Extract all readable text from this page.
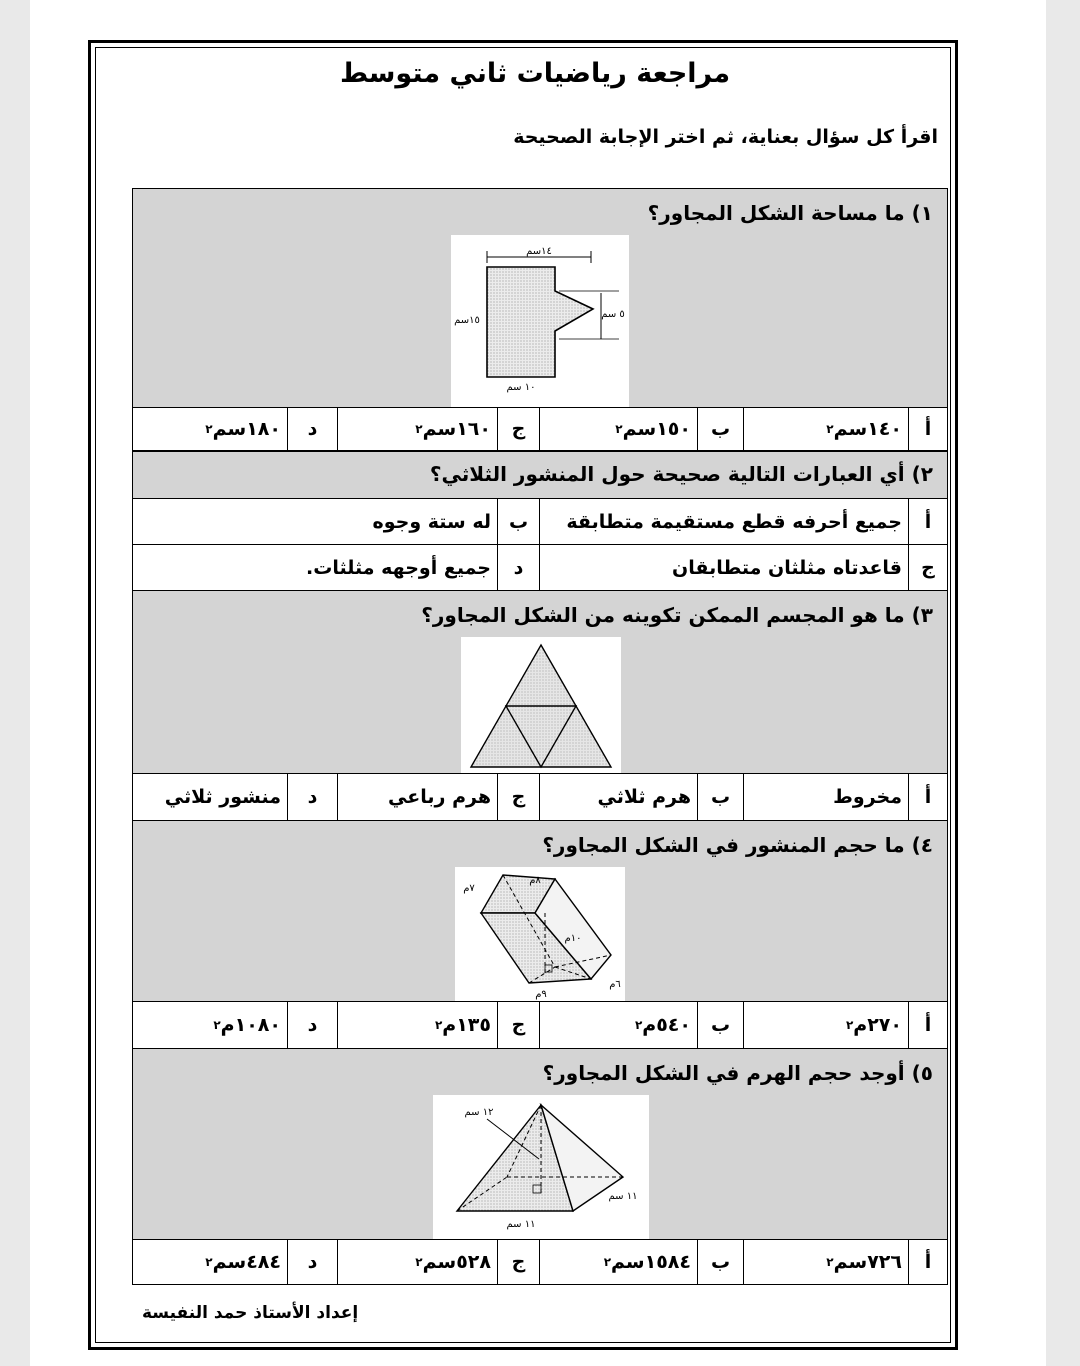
مراجعة رياضيات ثاني متوسط
اقرأ كل سؤال بعناية، ثم اختر الإجابة الصحيحة
١) ما مساحة الشكل المجاور؟
١٤سم
١٥سم
٥ سم
١٠ سم
أ
١٤٠سم
٢
ب
١٥٠سم
٢
ج
١٦٠سم
٢
د
١٨٠سم
٢
٢) أي العبارات التالية صحيحة حول المنشور الثلاثي؟
أ
جميع أحرفه قطع مستقيمة متطابقة
ب
له ستة وجوه
ج
قاعدتاه مثلثان متطابقان
د
جميع أوجهه مثلثات.
٣) ما هو المجسم الممكن تكوينه من الشكل المجاور؟
أ
مخروط
ب
هرم ثلاثي
ج
هرم رباعي
د
منشور ثلاثي
٤) ما حجم المنشور في الشكل المجاور؟
٧م
٨م
١٠م
٦م
٩م
أ
٢٧٠م
٢
ب
٥٤٠م
٢
ج
١٣٥م
٢
د
١٠٨٠م
٢
٥) أوجد حجم الهرم في الشكل المجاور؟
١٢ سم
١١ سم
١١ سم
أ
٧٢٦سم
٢
ب
١٥٨٤سم
٢
ج
٥٢٨سم
٢
د
٤٨٤سم
٢
إعداد الأستاذ حمد النفيسة
